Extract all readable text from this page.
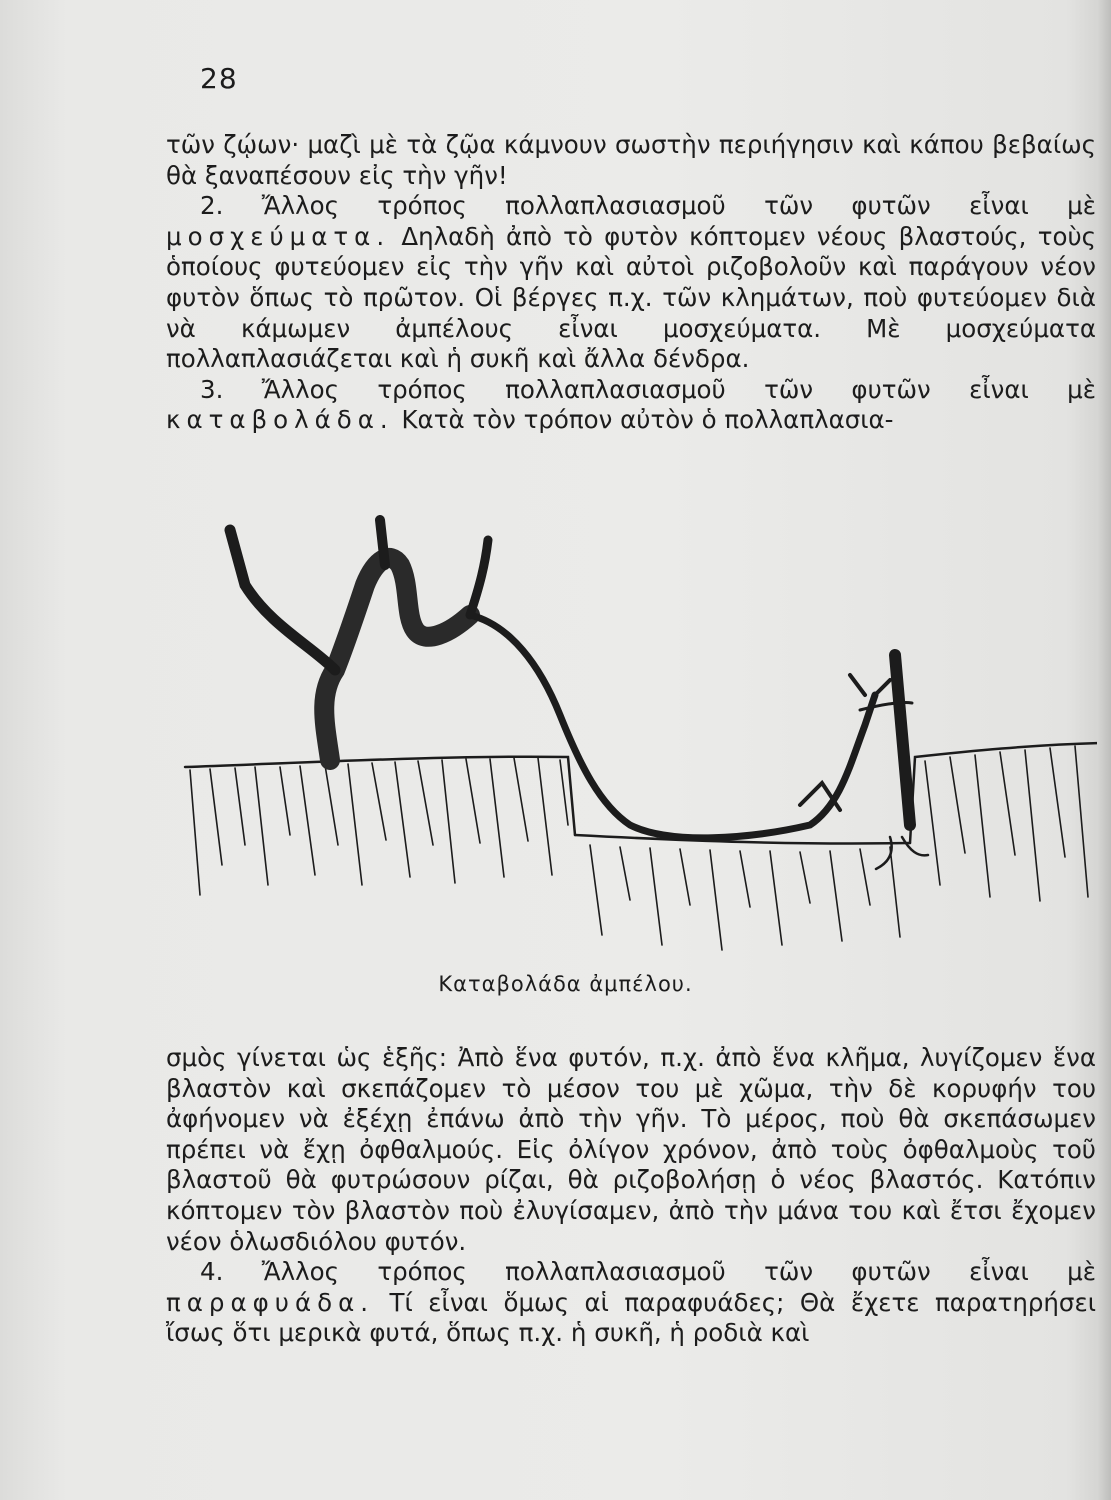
28

τῶν ζῴων· μαζὶ μὲ τὰ ζῷα κάμνουν σωστὴν περιήγησιν καὶ κάπου βεβαίως θὰ ξαναπέσουν εἰς τὴν γῆν!

2. Ἄλλος τρόπος πολλαπλασιασμοῦ τῶν φυτῶν εἶναι μὲ μοσχεύματα. Δηλαδὴ ἀπὸ τὸ φυτὸν κόπτομεν νέους βλαστούς, τοὺς ὁποίους φυτεύομεν εἰς τὴν γῆν καὶ αὐτοὶ ριζοβολοῦν καὶ παράγουν νέον φυτὸν ὅπως τὸ πρῶτον. Οἱ βέργες π.χ. τῶν κλημάτων, ποὺ φυτεύομεν διὰ νὰ κάμωμεν ἀμπέλους εἶναι μοσχεύματα. Μὲ μοσχεύματα πολλαπλασιάζεται καὶ ἡ συκῆ καὶ ἄλλα δένδρα.

3. Ἄλλος τρόπος πολλαπλασιασμοῦ τῶν φυτῶν εἶναι μὲ καταβολάδα. Κατὰ τὸν τρόπον αὐτὸν ὁ πολλαπλασια-

Καταβολάδα ἀμπέλου.

σμὸς γίνεται ὡς ἑξῆς: Ἀπὸ ἕνα φυτόν, π.χ. ἀπὸ ἕνα κλῆμα, λυγίζομεν ἕνα βλαστὸν καὶ σκεπάζομεν τὸ μέσον του μὲ χῶμα, τὴν δὲ κορυφήν του ἀφήνομεν νὰ ἐξέχῃ ἐπάνω ἀπὸ τὴν γῆν. Τὸ μέρος, ποὺ θὰ σκεπάσωμεν πρέπει νὰ ἔχῃ ὀφθαλμούς. Εἰς ὀλίγον χρόνον, ἀπὸ τοὺς ὀφθαλμοὺς τοῦ βλαστοῦ θὰ φυτρώσουν ρίζαι, θὰ ριζοβολήσῃ ὁ νέος βλαστός. Κατόπιν κόπτομεν τὸν βλαστὸν ποὺ ἐλυγίσαμεν, ἀπὸ τὴν μάνα του καὶ ἔτσι ἔχομεν νέον ὁλωσδιόλου φυτόν.

4. Ἄλλος τρόπος πολλαπλασιασμοῦ τῶν φυτῶν εἶναι μὲ παραφυάδα. Τί εἶναι ὅμως αἱ παραφυάδες; Θὰ ἔχετε παρατηρήσει ἴσως ὅτι μερικὰ φυτά, ὅπως π.χ. ἡ συκῆ, ἡ ροδιὰ καὶ
